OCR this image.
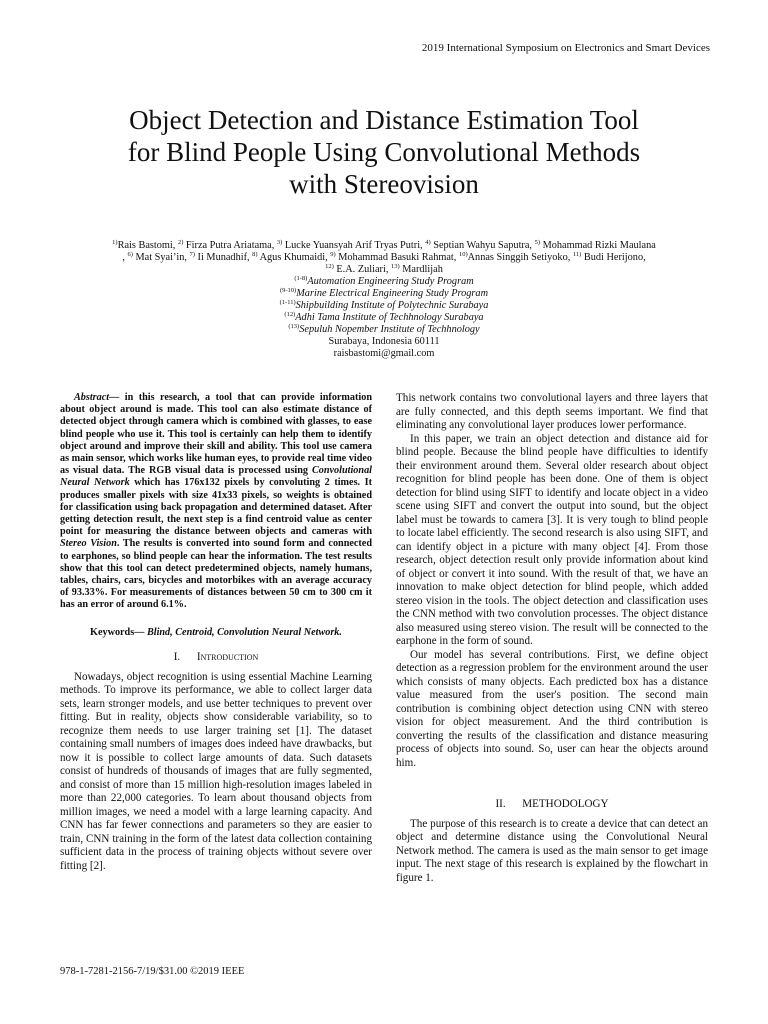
2019 International Symposium on Electronics and Smart Devices
Object Detection and Distance Estimation Tool
for Blind People Using Convolutional Methods
with Stereovision
$^{1)}$Rais Bastomi, $^{2)}$ Firza Putra Ariatama, $^{3)}$ Lucke Yuansyah Arif Tryas Putri, $^{4)}$ Septian Wahyu Saputra, $^{5)}$ Mohammad Rizki Maulana
, $^{6)}$ Mat Syai’in, $^{7)}$ Ii Munadhif, $^{8)}$ Agus Khumaidi, $^{9)}$ Mohammad Basuki Rahmat, $^{10)}$Annas Singgih Setiyoko, $^{11)}$ Budi Herijono,
$^{12)}$ E.A. Zuliari, $^{13)}$ Mardlijah
$^{(1-8)}$Automation Engineering Study Program
$^{(9-10)}$Marine Electrical Engineering Study Program
$^{(1-11)}$Shipbuilding Institute of Polytechnic Surabaya
$^{(12)}$Adhi Tama Institute of Techhnology Surabaya
$^{(13)}$Sepuluh Nopember Institute of Techhnology
Surabaya, Indonesia 60111
raisbastomi@gmail.com

Abstract— in this research, a tool that can provide information about object around is made. This tool can also estimate distance of detected object through camera which is combined with glasses, to ease blind people who use it. This tool is certainly can help them to identify object around and improve their skill and ability. This tool use camera as main sensor, which works like human eyes, to provide real time video as visual data. The RGB visual data is processed using Convolutional Neural Network which has 176x132 pixels by convoluting 2 times. It produces smaller pixels with size 41x33 pixels, so weights is obtained for classification using back propagation and determined dataset. After getting detection result, the next step is a find centroid value as center point for measuring the distance between objects and cameras with Stereo Vision. The results is converted into sound form and connected to earphones, so blind people can hear the information. The test results show that this tool can detect predetermined objects, namely humans, tables, chairs, cars, bicycles and motorbikes with an average accuracy of 93.33%. For measurements of distances between 50 cm to 300 cm it has an error of around 6.1%.

Keywords— Blind, Centroid, Convolution Neural Network.

I. Introduction

Nowadays, object recognition is using essential Machine Learning methods. To improve its performance, we able to collect larger data sets, learn stronger models, and use better techniques to prevent over fitting. But in reality, objects show considerable variability, so to recognize them needs to use larger training set [1]. The dataset containing small numbers of images does indeed have drawbacks, but now it is possible to collect large amounts of data. Such datasets consist of hundreds of thousands of images that are fully segmented, and consist of more than 15 million high-resolution images labeled in more than 22,000 categories. To learn about thousand objects from million images, we need a model with a large learning capacity. And CNN has far fewer connections and parameters so they are easier to train, CNN training in the form of the latest data collection containing sufficient data in the process of training objects without severe over fitting [2].

This network contains two convolutional layers and three layers that are fully connected, and this depth seems important. We find that eliminating any convolutional layer produces lower performance.

In this paper, we train an object detection and distance aid for blind people. Because the blind people have difficulties to identify their environment around them. Several older research about object recognition for blind people has been done. One of them is object detection for blind using SIFT to identify and locate object in a video scene using SIFT and convert the output into sound, but the object label must be towards to camera [3]. It is very tough to blind people to locate label efficiently. The second research is also using SIFT, and can identify object in a picture with many object [4]. From those research, object detection result only provide information about kind of object or convert it into sound. With the result of that, we have an innovation to make object detection for blind people, which added stereo vision in the tools. The object detection and classification uses the CNN method with two convolution processes. The object distance also measured using stereo vision. The result will be connected to the earphone in the form of sound.

Our model has several contributions. First, we define object detection as a regression problem for the environment around the user which consists of many objects. Each predicted box has a distance value measured from the user's position. The second main contribution is combining object detection using CNN with stereo vision for object measurement. And the third contribution is converting the results of the classification and distance measuring process of objects into sound. So, user can hear the objects around him.

II. METHODOLOGY

The purpose of this research is to create a device that can detect an object and determine distance using the Convolutional Neural Network method. The camera is used as the main sensor to get image input. The next stage of this research is explained by the flowchart in figure 1.

978-1-7281-2156-7/19/$31.00 ©2019 IEEE
